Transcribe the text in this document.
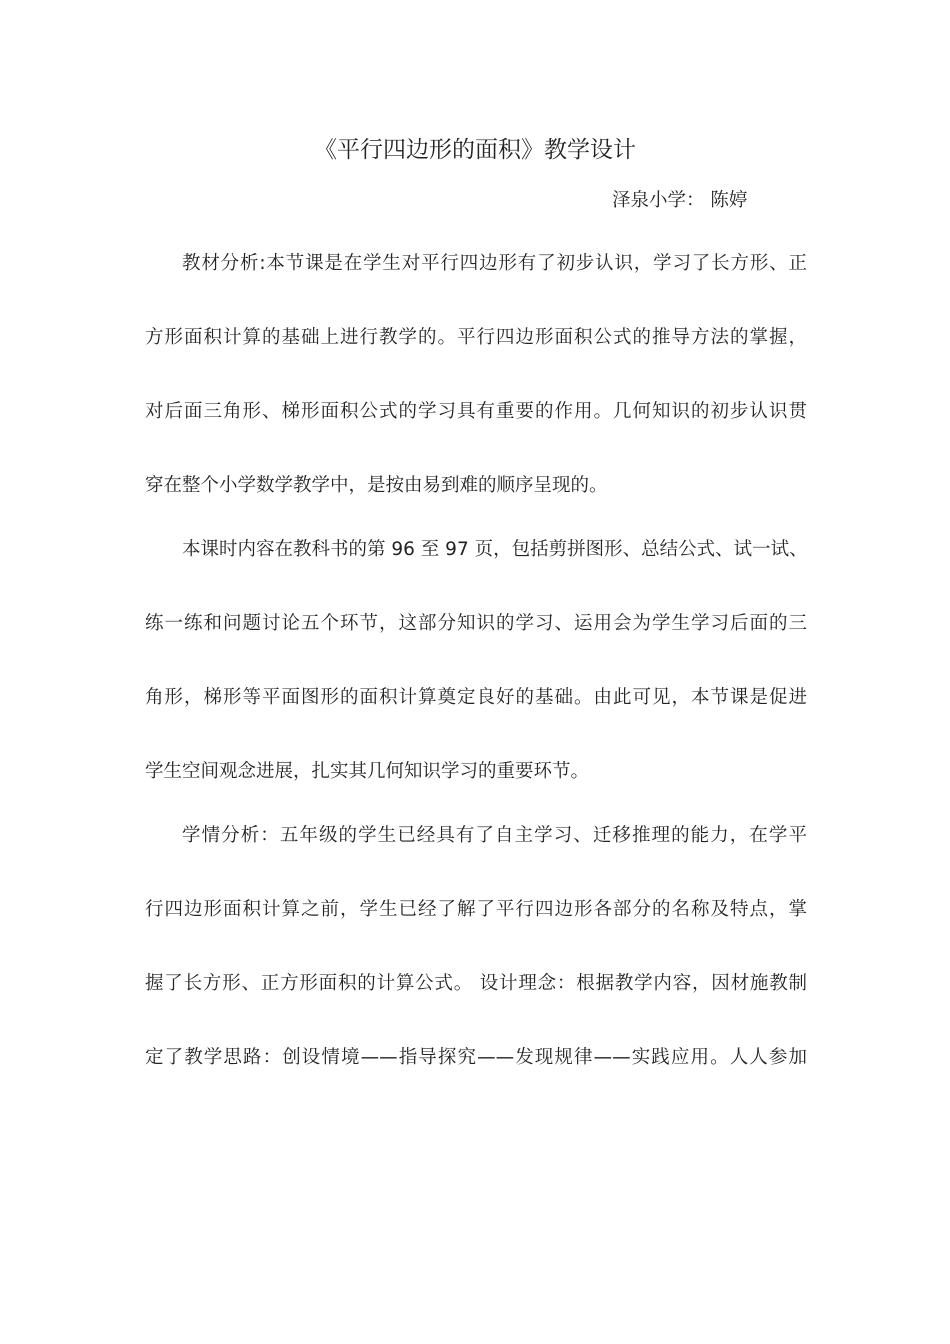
《平行四边形的面积》教学设计
泽泉小学： 陈婷
教材分析:本节课是在学生对平行四边形有了初步认识，学习了长方形、正
方形面积计算的基础上进行教学的。平行四边形面积公式的推导方法的掌握，
对后面三角形、梯形面积公式的学习具有重要的作用。几何知识的初步认识贯
穿在整个小学数学教学中，是按由易到难的顺序呈现的。
本课时内容在教科书的第 96 至 97 页，包括剪拼图形、总结公式、试一试、
练一练和问题讨论五个环节，这部分知识的学习、运用会为学生学习后面的三
角形，梯形等平面图形的面积计算奠定良好的基础。由此可见，本节课是促进
学生空间观念进展，扎实其几何知识学习的重要环节。
学情分析：五年级的学生已经具有了自主学习、迁移推理的能力，在学平
行四边形面积计算之前，学生已经了解了平行四边形各部分的名称及特点，掌
握了长方形、正方形面积的计算公式。 设计理念：根据教学内容，因材施教制
定了教学思路：创设情境——指导探究——发现规律——实践应用。人人参加
